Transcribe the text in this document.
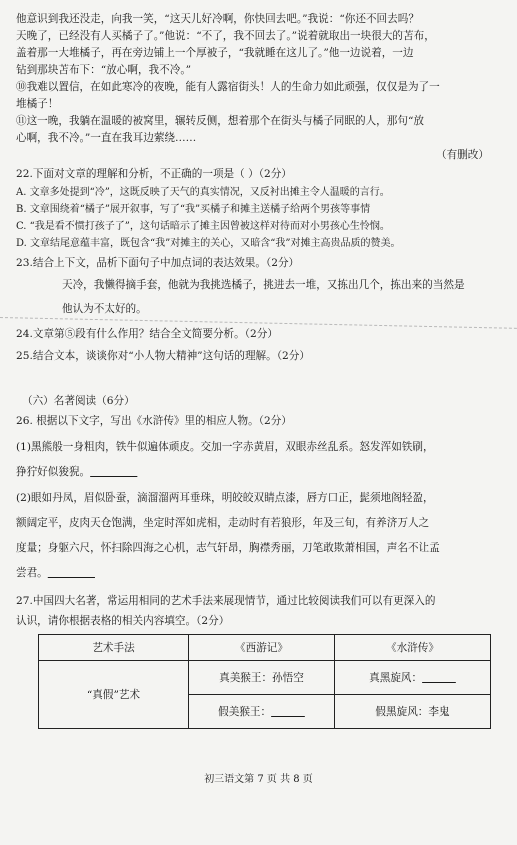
他意识到我还没走，向我一笑，“这天儿好冷啊，你快回去吧。”我说：“你还不回去吗？
天晚了，已经没有人买橘子了。”他说：“不了，我不回去了。”说着就取出一块很大的苫布，
盖着那一大堆橘子，再在旁边铺上一个厚被子，“我就睡在这儿了。”他一边说着，一边
钻到那块苫布下：“放心啊，我不冷。”
⑩我难以置信，在如此寒冷的夜晚，能有人露宿街头！人的生命力如此顽强，仅仅是为了一
堆橘子！
⑪这一晚，我躺在温暖的被窝里，辗转反侧，想着那个在街头与橘子同眠的人，那句“放
心啊，我不冷。”一直在我耳边萦绕……
（有删改）
22.下面对文章的理解和分析，不正确的一项是（ ）（2分）
A. 文章多处提到“冷”，这既反映了天气的真实情况，又反衬出摊主令人温暖的言行。
B. 文章围绕着“橘子”展开叙事，写了“我”买橘子和摊主送橘子给两个男孩等事情
C. “我是看不惯打孩子了”，这句话暗示了摊主因曾被这样对待而对小男孩心生怜悯。
D. 文章结尾意蕴丰富，既包含“我”对摊主的关心，又暗含“我”对摊主高贵品质的赞美。
23.结合上下文，品析下面句子中加点词的表达效果。（2分）
天冷，我懒得摘手套，他就为我挑选橘子，挑进去一堆，又拣出几个，拣出来的当然是
他认为不太好的。
24.文章第⑤段有什么作用？结合全文简要分析。（2分）
25.结合文本，谈谈你对“小人物大精神”这句话的理解。（2分）
（六）名著阅读（6分）
26. 根据以下文字，写出《水浒传》里的相应人物。（2分）
(1)黑熊般一身粗肉，铁牛似遍体顽皮。交加一字赤黄眉，双眼赤丝乱系。怒发浑如铁刷，
狰狞好似狻猊。       
(2)眼如丹凤，眉似卧蚕，滴溜溜两耳垂珠，明皎皎双睛点漆，唇方口正，髭须地阁轻盈，
额阔定平，皮肉天仓饱满，坐定时浑如虎相，走动时有若狼形，年及三旬，有养济万人之
度量；身躯六尺，怀扫除四海之心机，志气轩昂，胸襟秀丽，刀笔敢欺萧相国，声名不让孟
尝君。       
27.中国四大名著，常运用相同的艺术手法来展现情节，通过比较阅读我们可以有更深入的
认识，请你根据表格的相关内容填空。（2分）
艺术手法	《西游记》	《水浒传》
“真假”艺术	真美猴王：孙悟空	真黑旋风：     
	假美猴王：     	假黑旋风：李鬼
初三语文第 7 页 共 8 页
